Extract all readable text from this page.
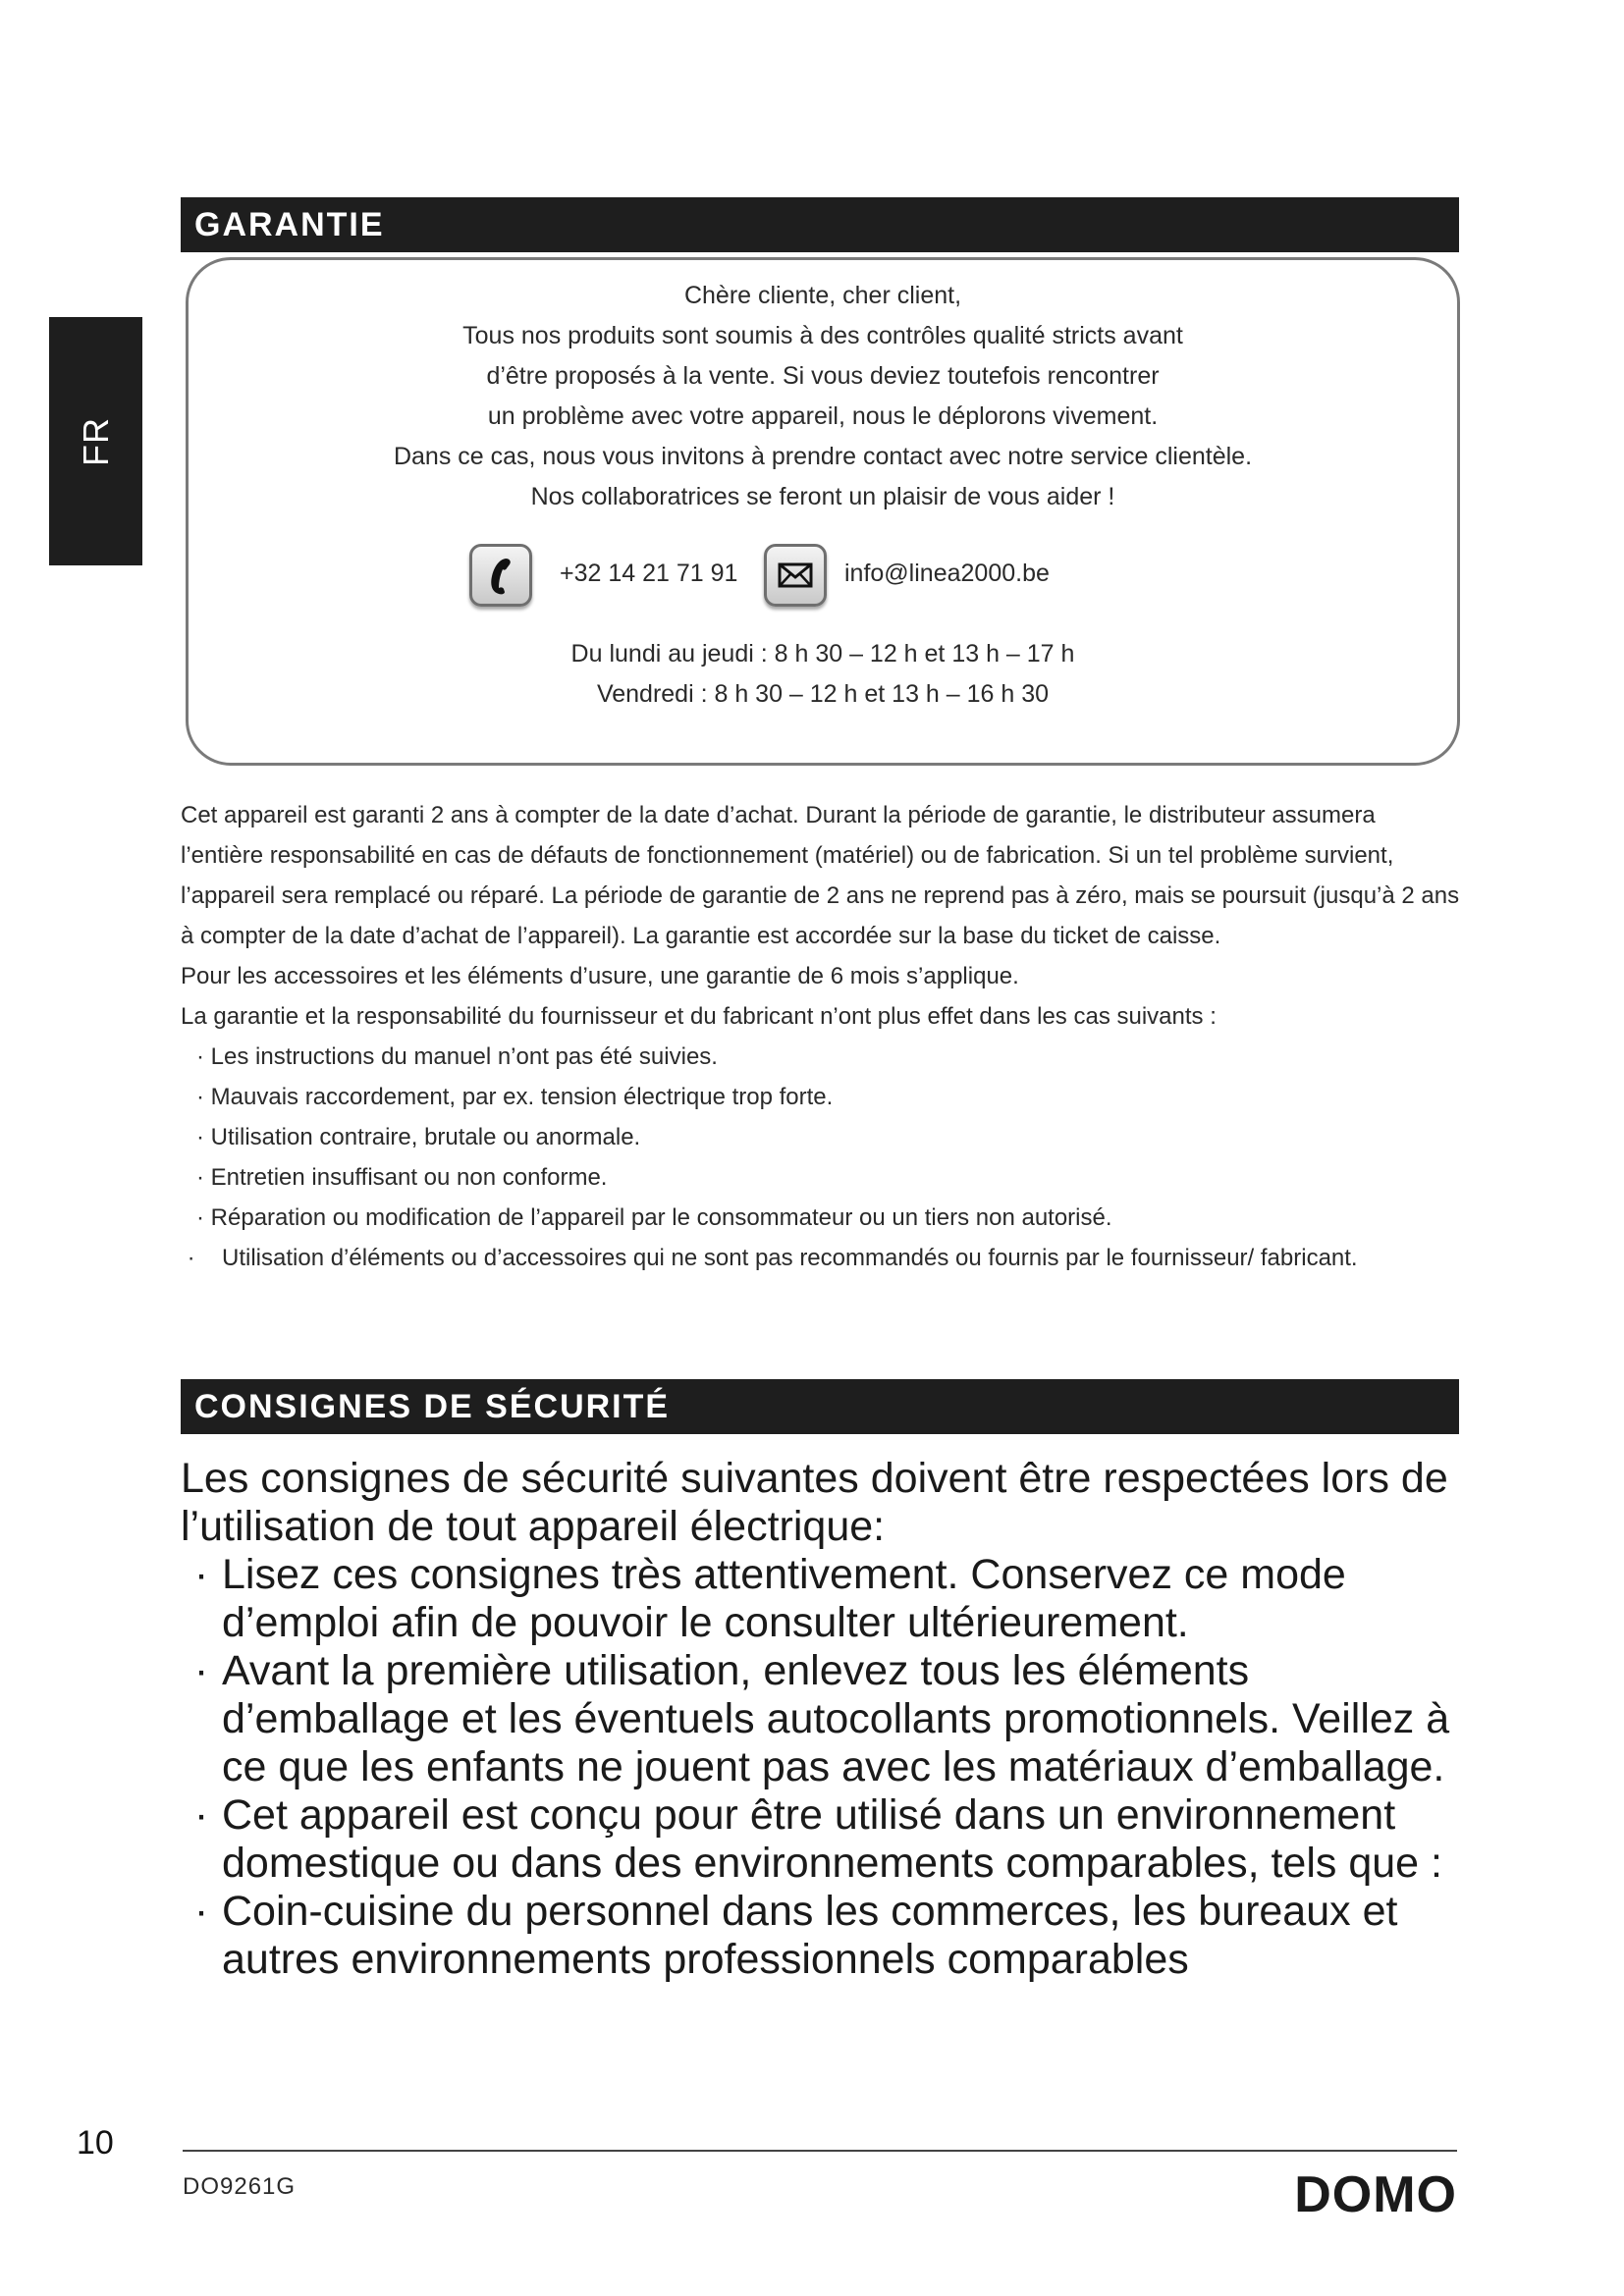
FR
GARANTIE
Chère cliente, cher client,
Tous nos produits sont soumis à des contrôles qualité stricts avant
d’être proposés à la vente. Si vous deviez toutefois rencontrer
un problème avec votre appareil, nous le déplorons vivement.
Dans ce cas, nous vous invitons à prendre contact avec notre service clientèle.
Nos collaboratrices se feront un plaisir de vous aider !
+32 14 21 71 91	info@linea2000.be
Du lundi au jeudi : 8 h 30 – 12 h et 13 h – 17 h
Vendredi : 8 h 30 – 12 h et 13 h – 16 h 30

Cet appareil est garanti 2 ans à compter de la date d’achat. Durant la période de garantie, le distributeur assumera l’entière responsabilité en cas de défauts de fonctionnement (matériel) ou de fabrication. Si un tel problème survient, l’appareil sera remplacé ou réparé. La période de garantie de 2 ans ne reprend pas à zéro, mais se poursuit (jusqu’à 2 ans à compter de la date d’achat de l’appareil). La garantie est accordée sur la base du ticket de caisse.

Pour les accessoires et les éléments d’usure, une garantie de 6 mois s’applique.

La garantie et la responsabilité du fournisseur et du fabricant n’ont plus effet dans les cas suivants :

· Les instructions du manuel n’ont pas été suivies.
· Mauvais raccordement, par ex. tension électrique trop forte.
· Utilisation contraire, brutale ou anormale.
· Entretien insuffisant ou non conforme.
· Réparation ou modification de l’appareil par le consommateur ou un tiers non autorisé.
·	Utilisation d’éléments ou d’accessoires qui ne sont pas recommandés ou fournis par le fournisseur/ fabricant.
CONSIGNES DE SÉCURITÉ

Les consignes de sécurité suivantes doivent être respectées lors de l’utilisation de tout appareil électrique:

· Lisez ces consignes très attentivement. Conservez ce mode d’emploi afin de pouvoir le consulter ultérieurement.
· Avant la première utilisation, enlevez tous les éléments d’emballage et les éventuels autocollants promotionnels. Veillez à ce que les enfants ne jouent pas avec les matériaux d’emballage.
· Cet appareil est conçu pour être utilisé dans un environnement domestique ou dans des environnements comparables, tels que :
· Coin-cuisine du personnel dans les commerces, les bureaux et autres environnements professionnels comparables
10
DO9261G	DOMO
